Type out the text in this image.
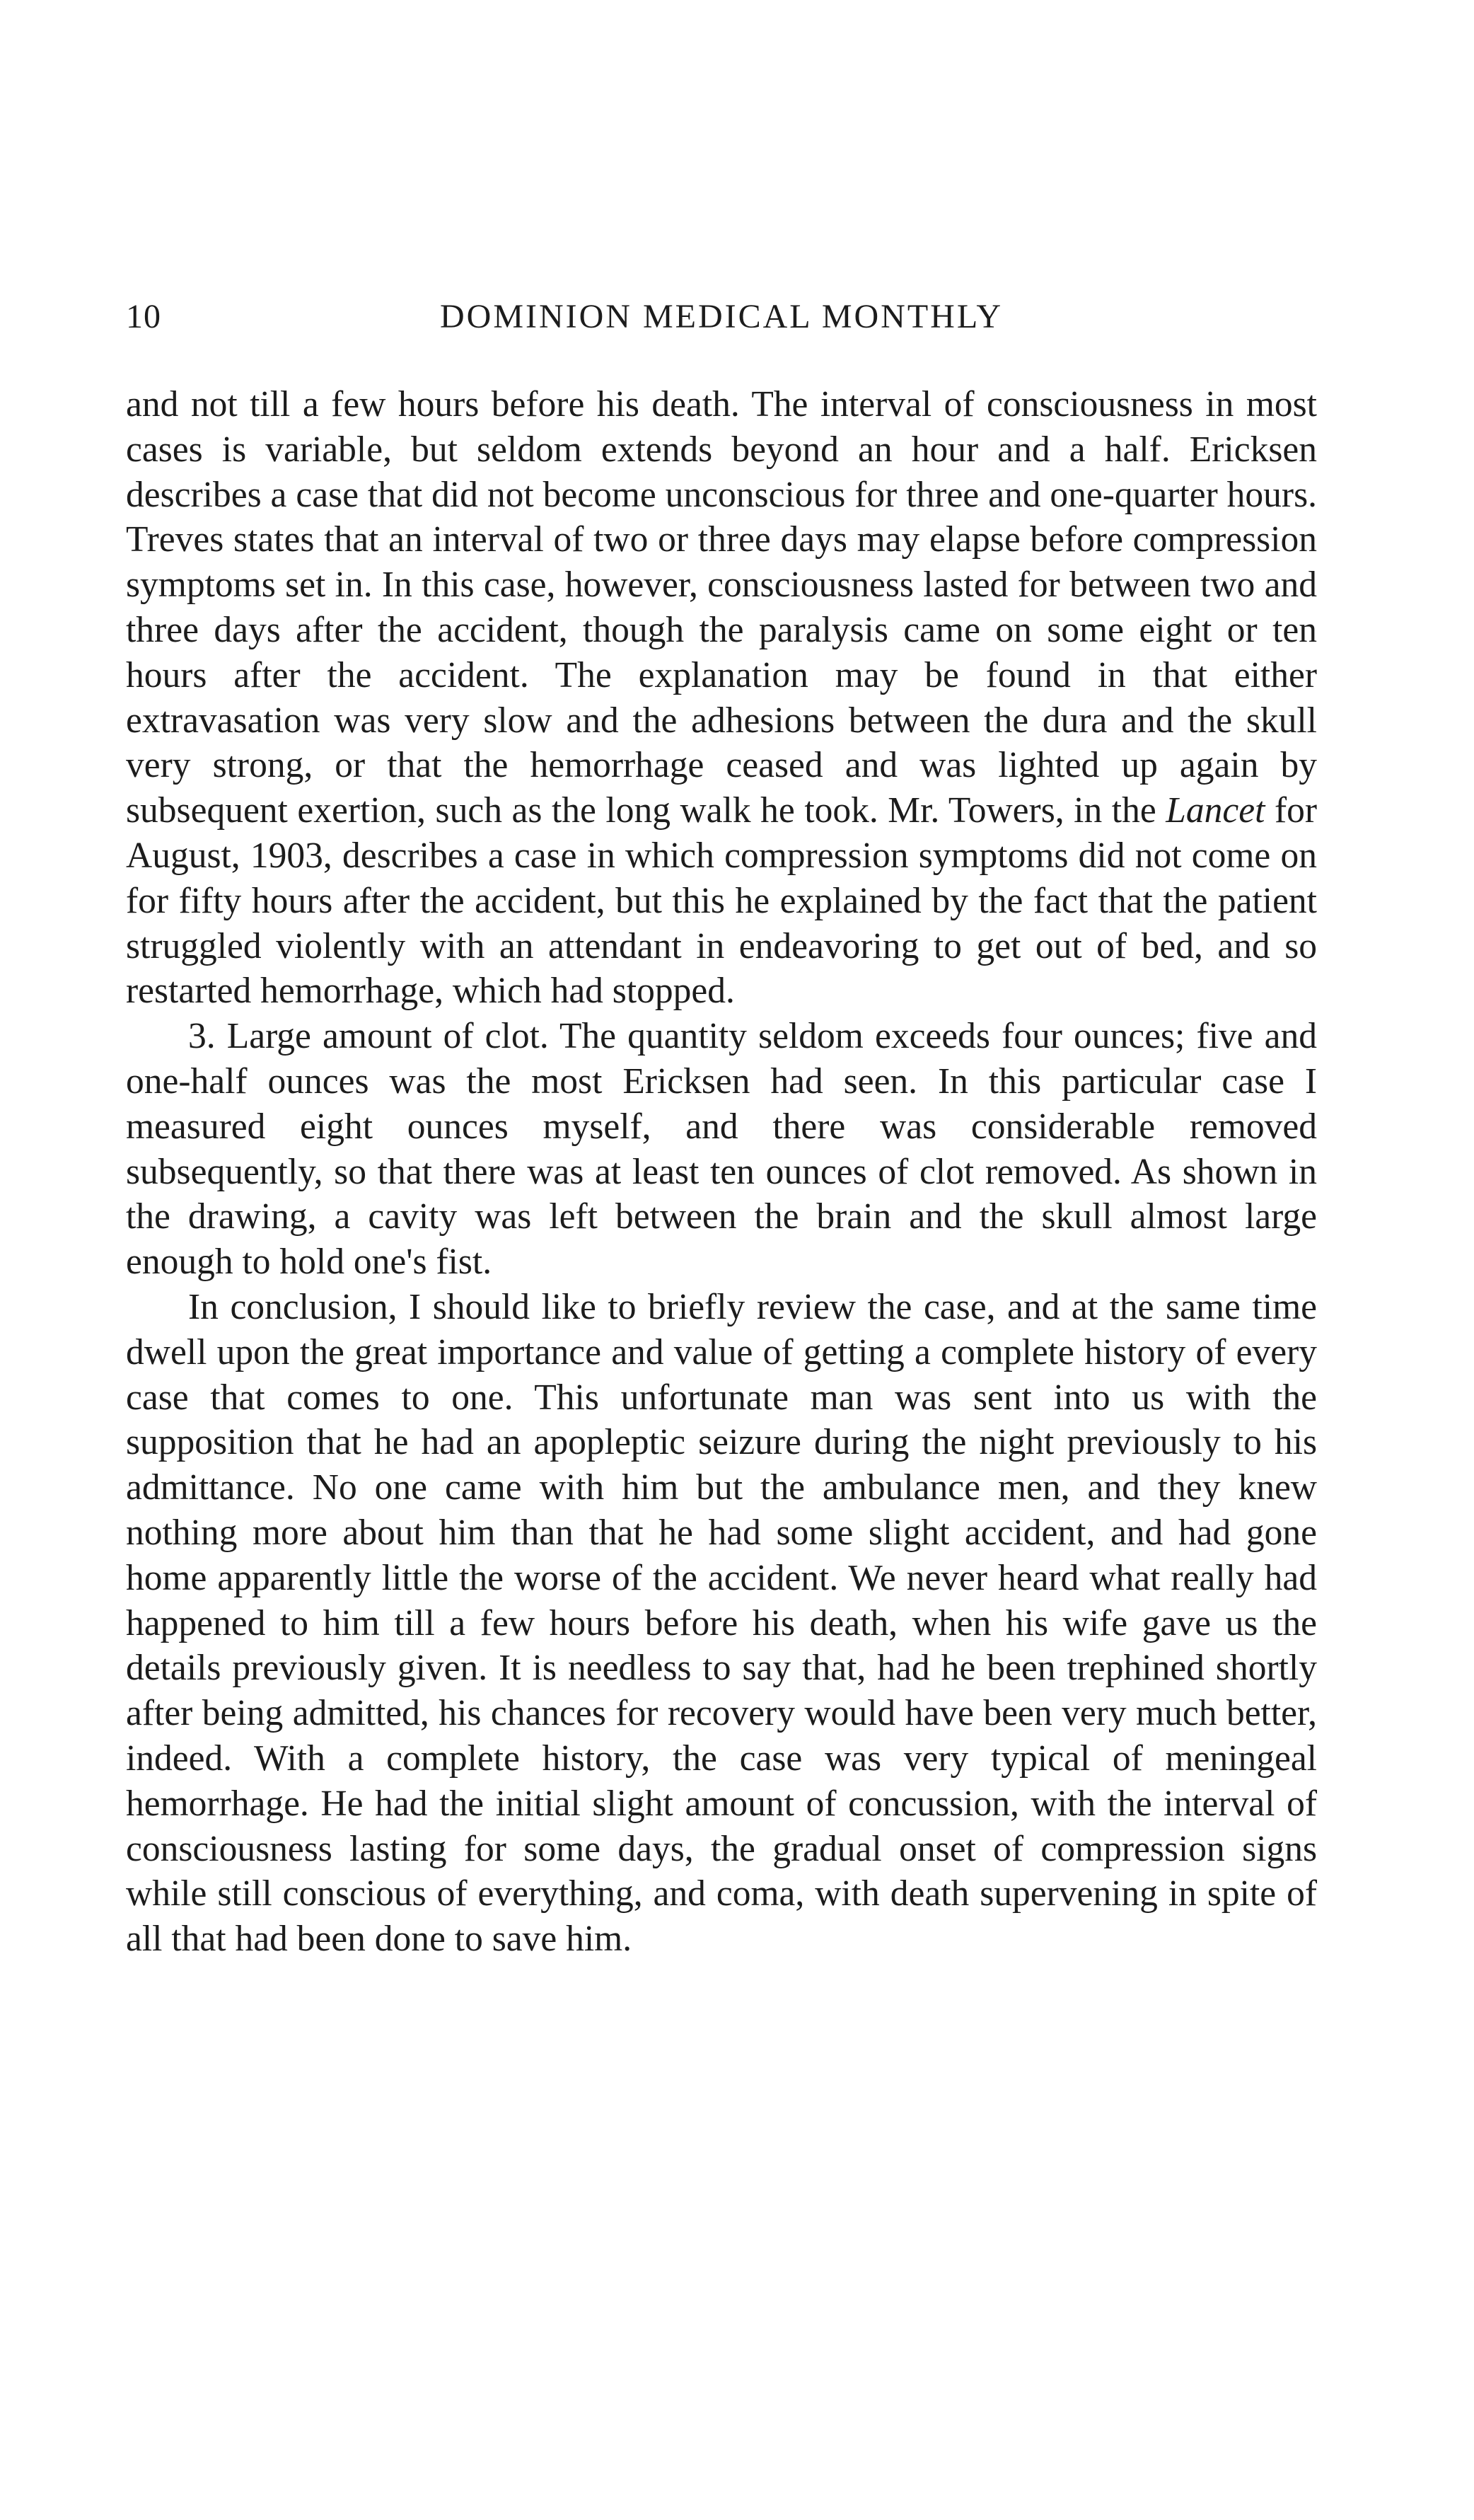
10	DOMINION MEDICAL MONTHLY

and not till a few hours before his death. The interval of consciousness in most cases is variable, but seldom extends beyond an hour and a half. Ericksen describes a case that did not become unconscious for three and one-quarter hours. Treves states that an interval of two or three days may elapse before compression symptoms set in. In this case, however, consciousness lasted for between two and three days after the accident, though the paralysis came on some eight or ten hours after the accident. The explanation may be found in that either extravasation was very slow and the adhesions between the dura and the skull very strong, or that the hemorrhage ceased and was lighted up again by subsequent exertion, such as the long walk he took. Mr. Towers, in the Lancet for August, 1903, describes a case in which compression symptoms did not come on for fifty hours after the accident, but this he explained by the fact that the patient struggled violently with an attendant in endeavoring to get out of bed, and so restarted hemorrhage, which had stopped.

3. Large amount of clot. The quantity seldom exceeds four ounces; five and one-half ounces was the most Ericksen had seen. In this particular case I measured eight ounces myself, and there was considerable removed subsequently, so that there was at least ten ounces of clot removed. As shown in the drawing, a cavity was left between the brain and the skull almost large enough to hold one's fist.

In conclusion, I should like to briefly review the case, and at the same time dwell upon the great importance and value of getting a complete history of every case that comes to one. This unfortunate man was sent into us with the supposition that he had an apopleptic seizure during the night previously to his admittance. No one came with him but the ambulance men, and they knew nothing more about him than that he had some slight accident, and had gone home apparently little the worse of the accident. We never heard what really had happened to him till a few hours before his death, when his wife gave us the details previously given. It is needless to say that, had he been trephined shortly after being admitted, his chances for recovery would have been very much better, indeed. With a complete history, the case was very typical of meningeal hemorrhage. He had the initial slight amount of concussion, with the interval of consciousness lasting for some days, the gradual onset of compression signs while still conscious of everything, and coma, with death supervening in spite of all that had been done to save him.
